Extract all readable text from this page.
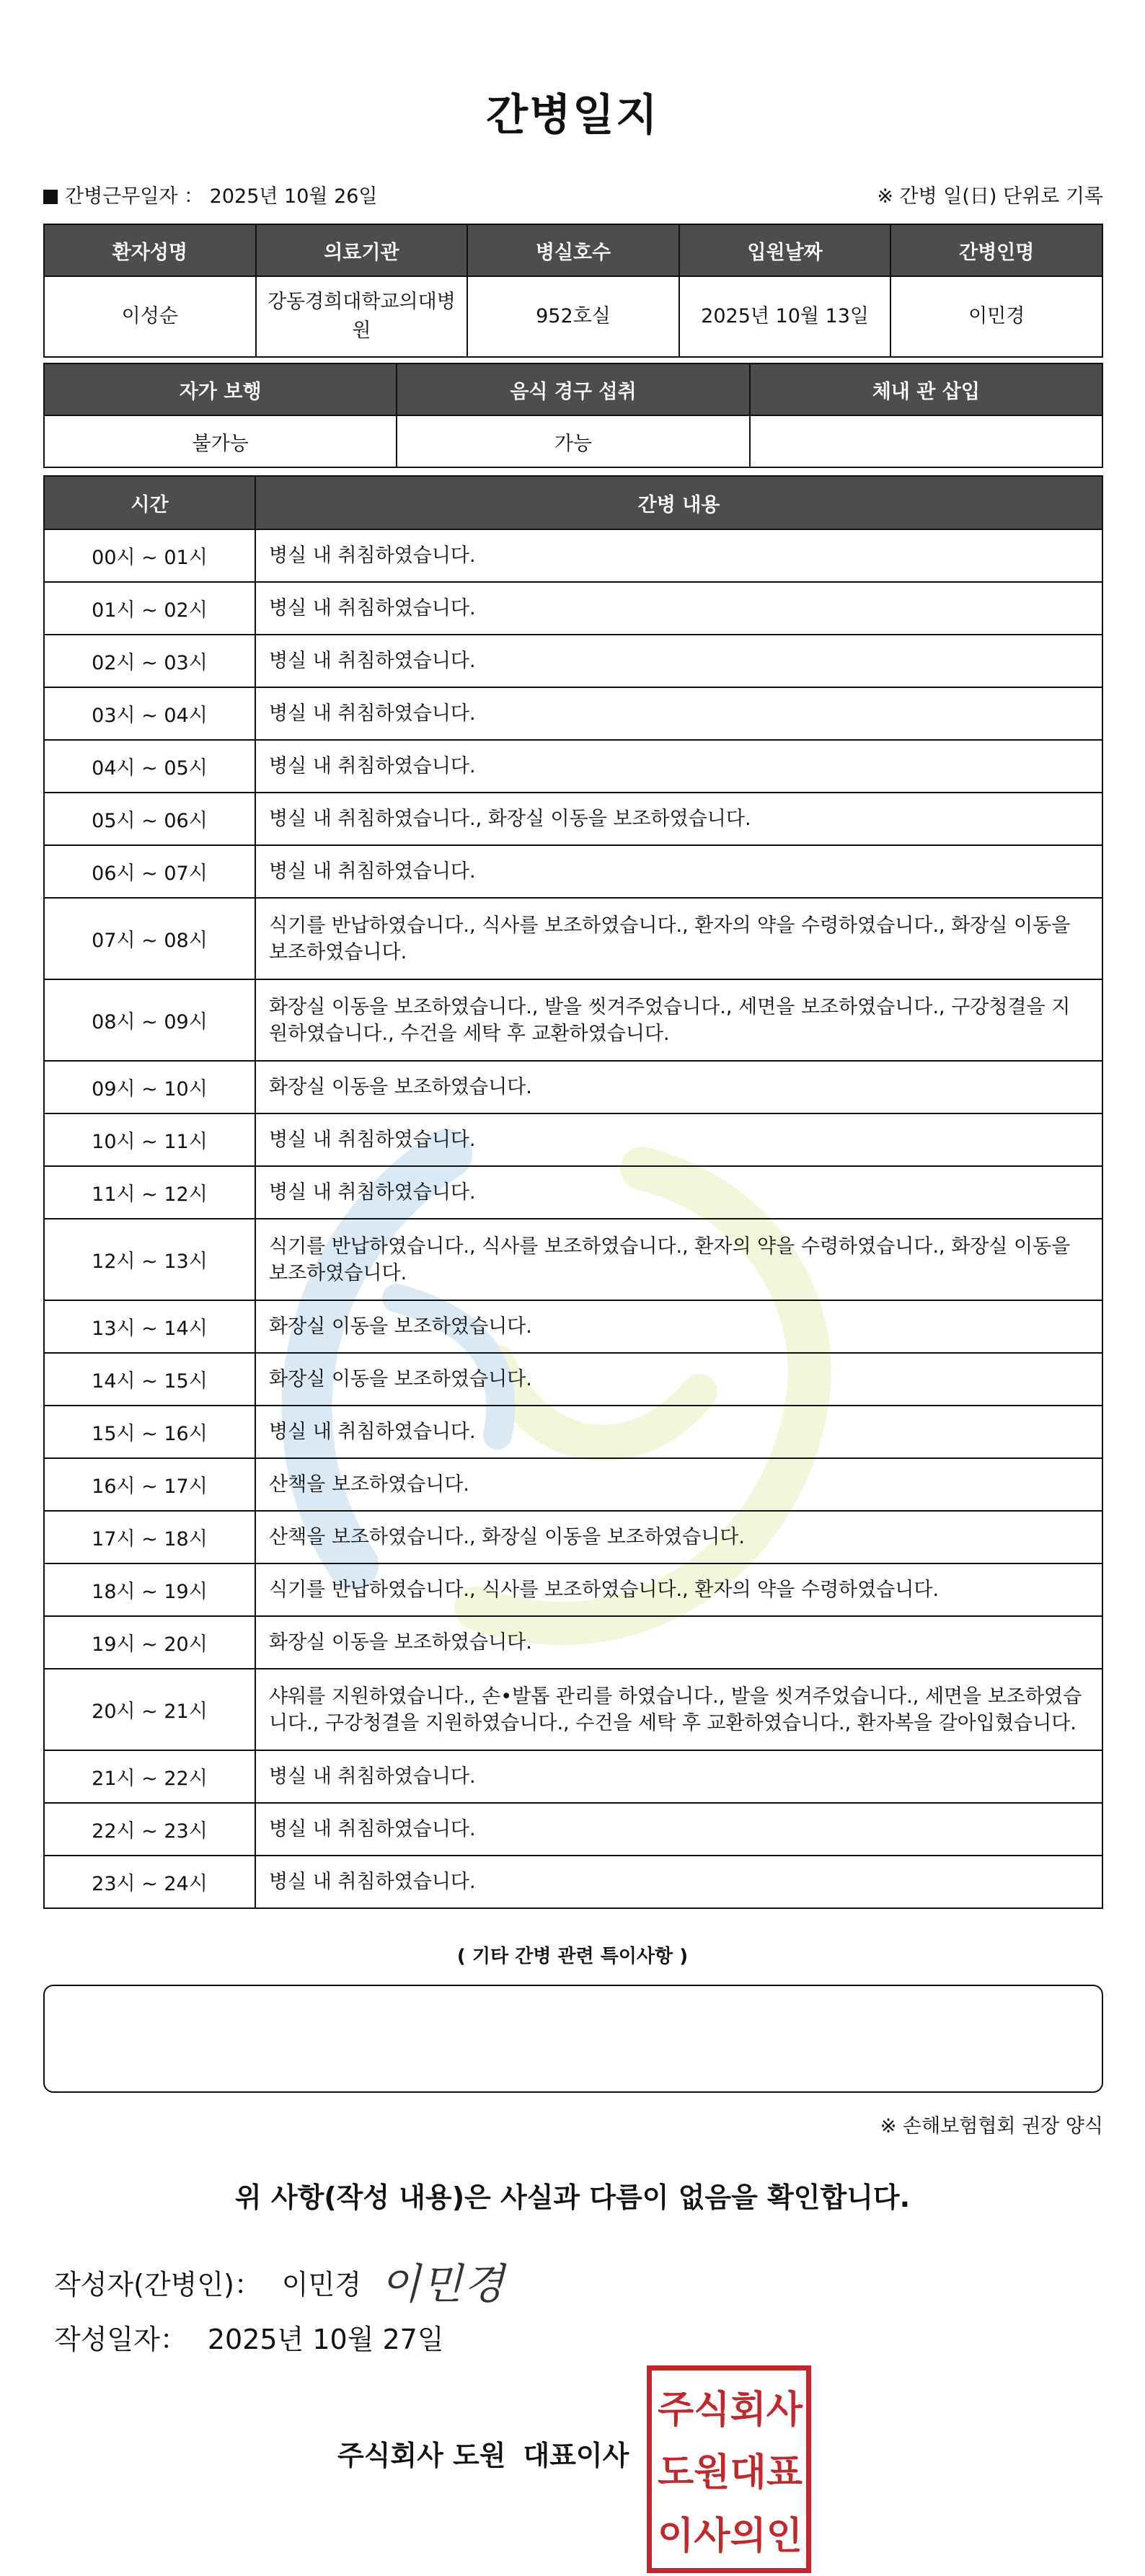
간병일지
간병근무일자 ： 2025년 10월 26일	※ 간병 일(日) 단위로 기록
환자성명	의료기관	병실호수	입원날짜	간병인명
이성순	강동경희대학교의대병원	952호실	2025년 10월 13일	이민경
자가 보행	음식 경구 섭취	체내 관 삽입
불가능	가능	
시간	간병 내용
00시 ~ 01시	병실 내 취침하였습니다.
01시 ~ 02시	병실 내 취침하였습니다.
02시 ~ 03시	병실 내 취침하였습니다.
03시 ~ 04시	병실 내 취침하였습니다.
04시 ~ 05시	병실 내 취침하였습니다.
05시 ~ 06시	병실 내 취침하였습니다., 화장실 이동을 보조하였습니다.
06시 ~ 07시	병실 내 취침하였습니다.
07시 ~ 08시	식기를 반납하였습니다., 식사를 보조하였습니다., 환자의 약을 수령하였습니다., 화장실 이동을 보조하였습니다.
08시 ~ 09시	화장실 이동을 보조하였습니다., 발을 씻겨주었습니다., 세면을 보조하였습니다., 구강청결을 지원하였습니다., 수건을 세탁 후 교환하였습니다.
09시 ~ 10시	화장실 이동을 보조하였습니다.
10시 ~ 11시	병실 내 취침하였습니다.
11시 ~ 12시	병실 내 취침하였습니다.
12시 ~ 13시	식기를 반납하였습니다., 식사를 보조하였습니다., 환자의 약을 수령하였습니다., 화장실 이동을 보조하였습니다.
13시 ~ 14시	화장실 이동을 보조하였습니다.
14시 ~ 15시	화장실 이동을 보조하였습니다.
15시 ~ 16시	병실 내 취침하였습니다.
16시 ~ 17시	산책을 보조하였습니다.
17시 ~ 18시	산책을 보조하였습니다., 화장실 이동을 보조하였습니다.
18시 ~ 19시	식기를 반납하였습니다., 식사를 보조하였습니다., 환자의 약을 수령하였습니다.
19시 ~ 20시	화장실 이동을 보조하였습니다.
20시 ~ 21시	샤워를 지원하였습니다., 손•발톱 관리를 하였습니다., 발을 씻겨주었습니다., 세면을 보조하였습니다., 구강청결을 지원하였습니다., 수건을 세탁 후 교환하였습니다., 환자복을 갈아입혔습니다.
21시 ~ 22시	병실 내 취침하였습니다.
22시 ~ 23시	병실 내 취침하였습니다.
23시 ~ 24시	병실 내 취침하였습니다.
( 기타 간병 관련 특이사항 )
※ 손해보험협회 권장 양식
위 사항(작성 내용)은 사실과 다름이 없음을 확인합니다.
작성자(간병인)： 이민경 이민경
작성일자： 2025년 10월 27일
주식회사 도원 대표이사
주 식 회 사
도 원 대 표
이 사 의 인
